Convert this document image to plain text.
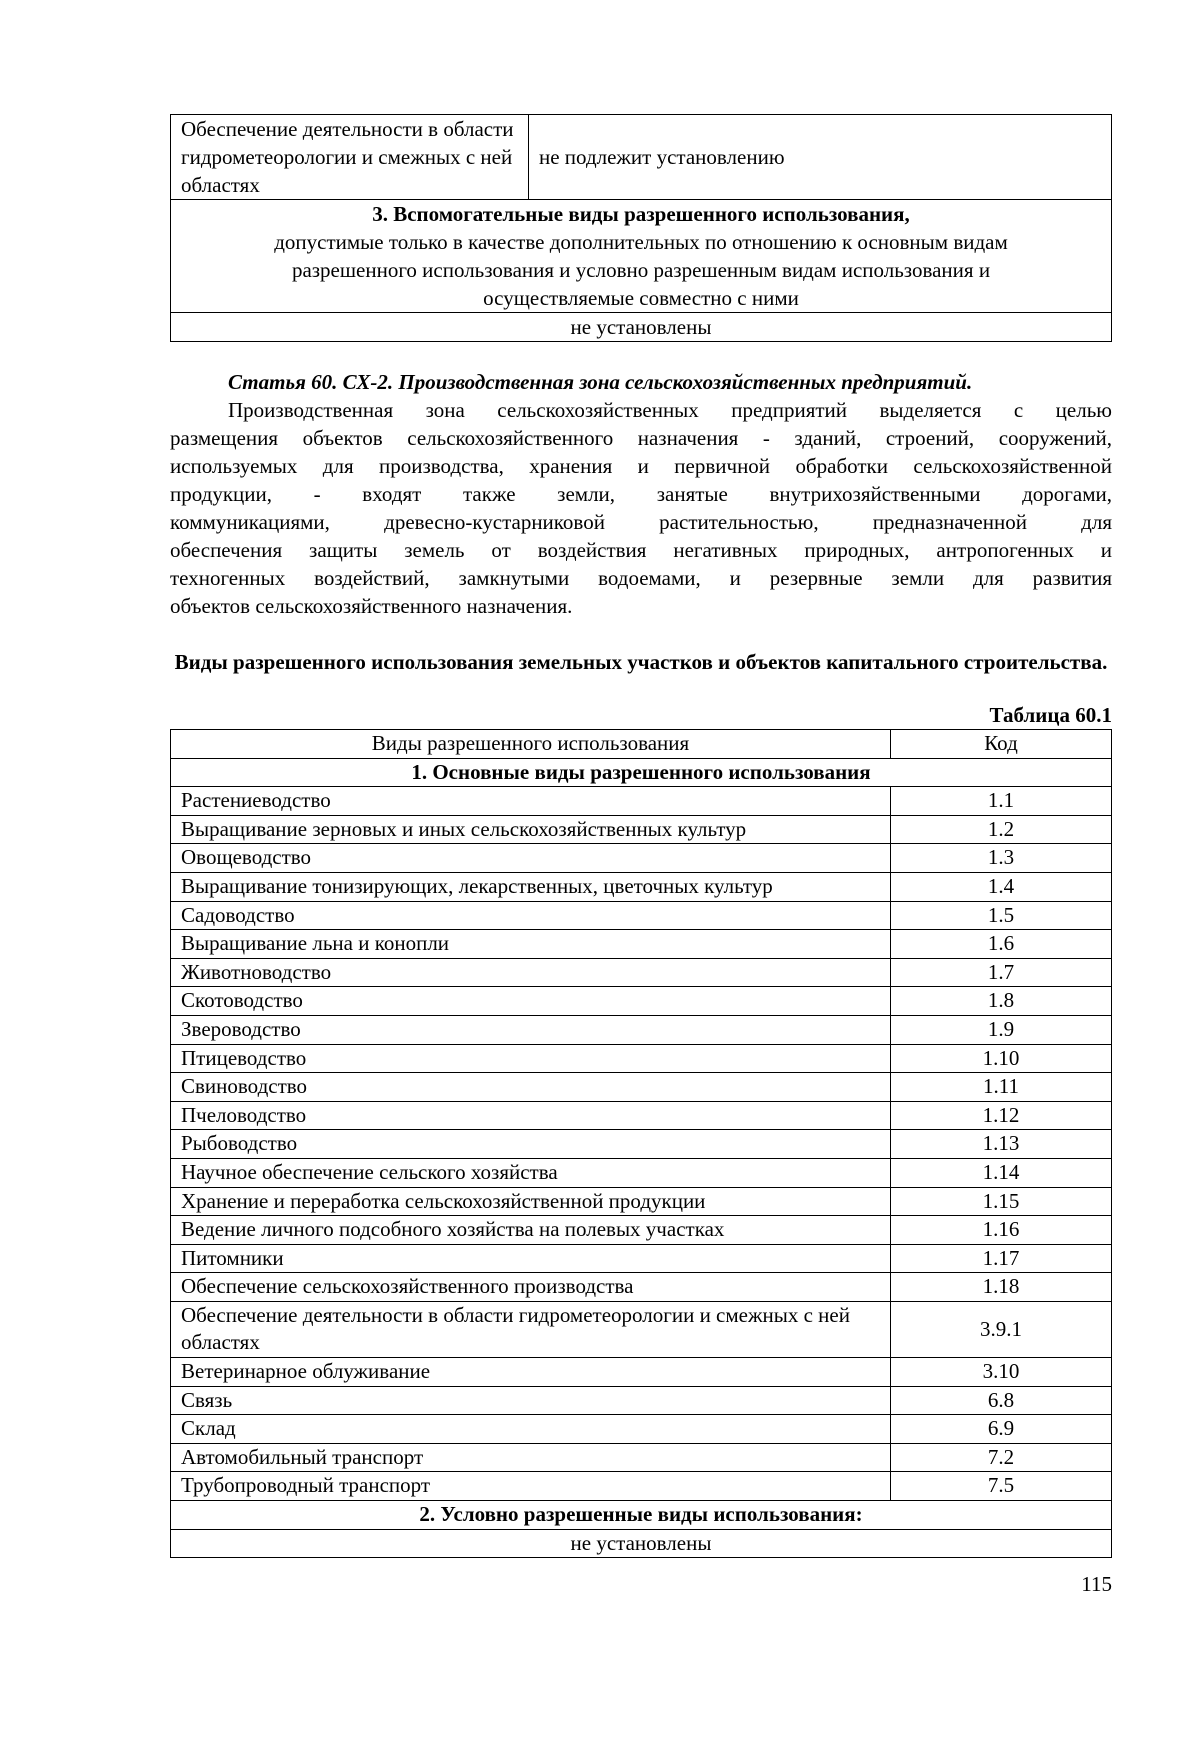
Обеспечение деятельности в области гидрометеорологии и смежных с ней областях	не подлежит установлению

3. Вспомогательные виды разрешенного использования,
допустимые только в качестве дополнительных по отношению к основным видам разрешенного использования и условно разрешенным видам использования и осуществляемые совместно с ними

не установлены
Статья 60. СХ-2. Производственная зона сельскохозяйственных предприятий.
Производственная зона сельскохозяйственных предприятий выделяется с целью
размещения объектов сельскохозяйственного назначения - зданий, строений, сооружений,
используемых для производства, хранения и первичной обработки сельскохозяйственной
продукции, - входят также земли, занятые внутрихозяйственными дорогами,
коммуникациями, древесно-кустарниковой растительностью, предназначенной для
обеспечения защиты земель от воздействия негативных природных, антропогенных и
техногенных воздействий, замкнутыми водоемами, и резервные земли для развития
объектов сельскохозяйственного назначения.
Виды разрешенного использования земельных участков и объектов капитального строительства.
Таблица 60.1
Виды разрешенного использования	Код
1. Основные виды разрешенного использования	
Растениеводство	1.1
Выращивание зерновых и иных сельскохозяйственных культур	1.2
Овощеводство	1.3
Выращивание тонизирующих, лекарственных, цветочных культур	1.4
Садоводство	1.5
Выращивание льна и конопли	1.6
Животноводство	1.7
Скотоводство	1.8
Звероводство	1.9
Птицеводство	1.10
Свиноводство	1.11
Пчеловодство	1.12
Рыбоводство	1.13
Научное обеспечение сельского хозяйства	1.14
Хранение и переработка сельскохозяйственной продукции	1.15
Ведение личного подсобного хозяйства на полевых участках	1.16
Питомники	1.17
Обеспечение сельскохозяйственного производства	1.18
Обеспечение деятельности в области гидрометеорологии и смежных с ней областях	3.9.1
Ветеринарное облуживание	3.10
Связь	6.8
Склад	6.9
Автомобильный транспорт	7.2
Трубопроводный транспорт	7.5
2. Условно разрешенные виды использования:	
не установлены	
115
